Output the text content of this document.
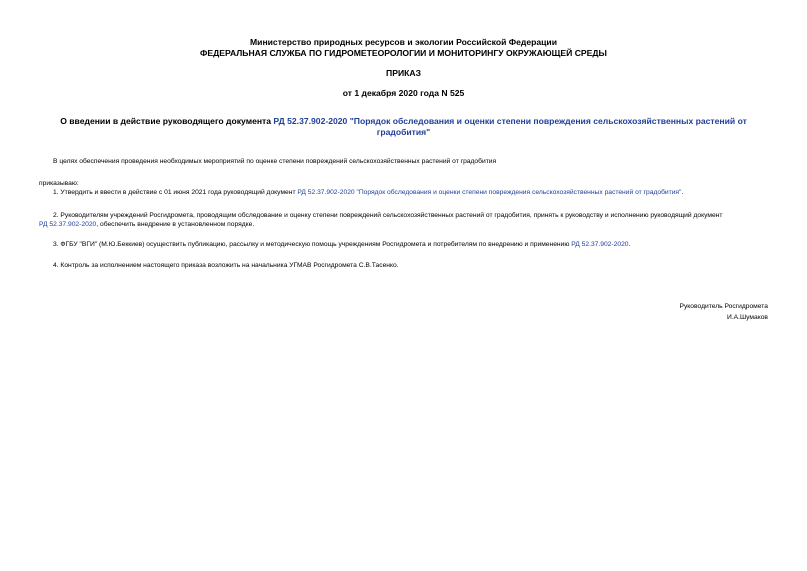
Министерство природных ресурсов и экологии Российской Федерации
ФЕДЕРАЛЬНАЯ СЛУЖБА ПО ГИДРОМЕТЕОРОЛОГИИ И МОНИТОРИНГУ ОКРУЖАЮЩЕЙ СРЕДЫ
ПРИКАЗ
от 1 декабря 2020 года N 525
О введении в действие руководящего документа РД 52.37.902-2020 "Порядок обследования и оценки степени повреждения сельскохозяйственных растений от градобития"
В целях обеспечения проведения необходимых мероприятий по оценке степени повреждений сельскохозяйственных растений от градобития
приказываю:
1. Утвердить и ввести в действие с 01 июня 2021 года руководящий документ РД 52.37.902-2020 "Порядок обследования и оценки степени повреждения сельскохозяйственных растений от градобития".
2. Руководителям учреждений Росгидромета, проводящим обследование и оценку степени повреждений сельскохозяйственных растений от градобития, принять к руководству и исполнению руководящий документ
РД 52.37.902-2020, обеспечить внедрение в установленном порядке.
3. ФГБУ "ВГИ" (М.Ю.Беккиев) осуществить публикацию, рассылку и методическую помощь учреждениям Росгидромета и потребителям по внедрению и применению РД 52.37.902-2020.
4. Контроль за исполнением настоящего приказа возложить на начальника УГМАВ Росгидромета С.В.Тасенко.
Руководитель Росгидромета
И.А.Шумаков
